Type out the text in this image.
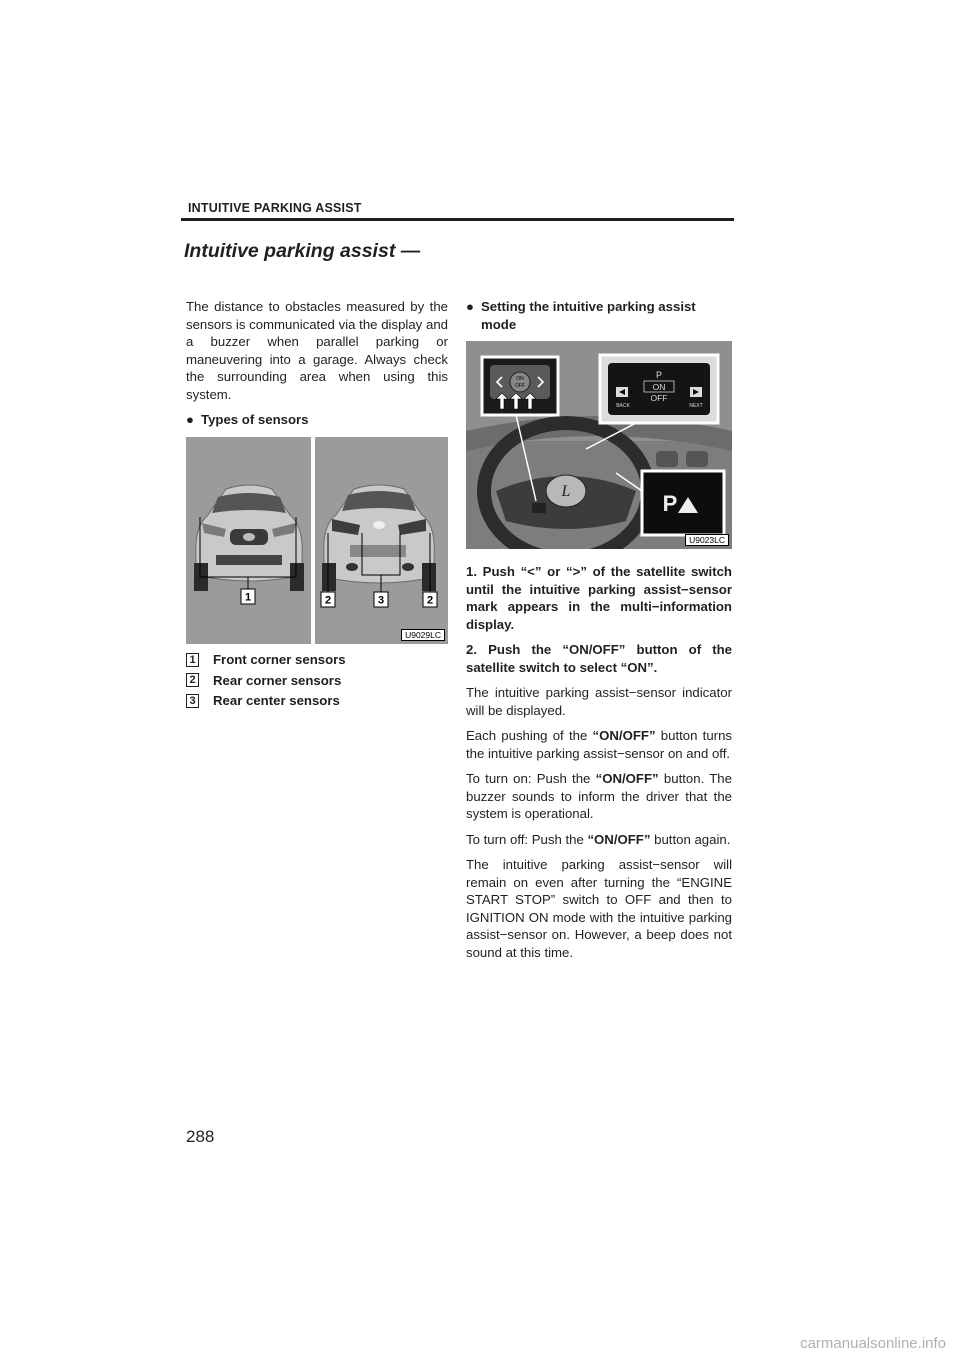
INTUITIVE PARKING ASSIST
Intuitive parking assist —

The distance to obstacles measured by the sensors is communicated via the display and a buzzer when parallel parking or maneuvering into a garage. Always check the surrounding area when using this system.

● Types of sensors
1	2	3	2
U9029LC
1 Front corner sensors
2 Rear corner sensors
3 Rear center sensors
● Setting the intuitive parking assist mode
L
ON
OFF
P
ON
OFF
BACK	NEXT
P
U9023LC

1. Push “<” or “>” of the satellite switch until the intuitive parking assist−sensor mark appears in the multi−information display.

2. Push the “ON/OFF” button of the satellite switch to select “ON”.

The intuitive parking assist−sensor indicator will be displayed.

Each pushing of the “ON/OFF” button turns the intuitive parking assist−sensor on and off.

To turn on: Push the “ON/OFF” button. The buzzer sounds to inform the driver that the system is operational.

To turn off: Push the “ON/OFF” button again.

The intuitive parking assist−sensor will remain on even after turning the “ENGINE START STOP” switch to OFF and then to IGNITION ON mode with the intuitive parking assist−sensor on. However, a beep does not sound at this time.

288
carmanualsonline.info
